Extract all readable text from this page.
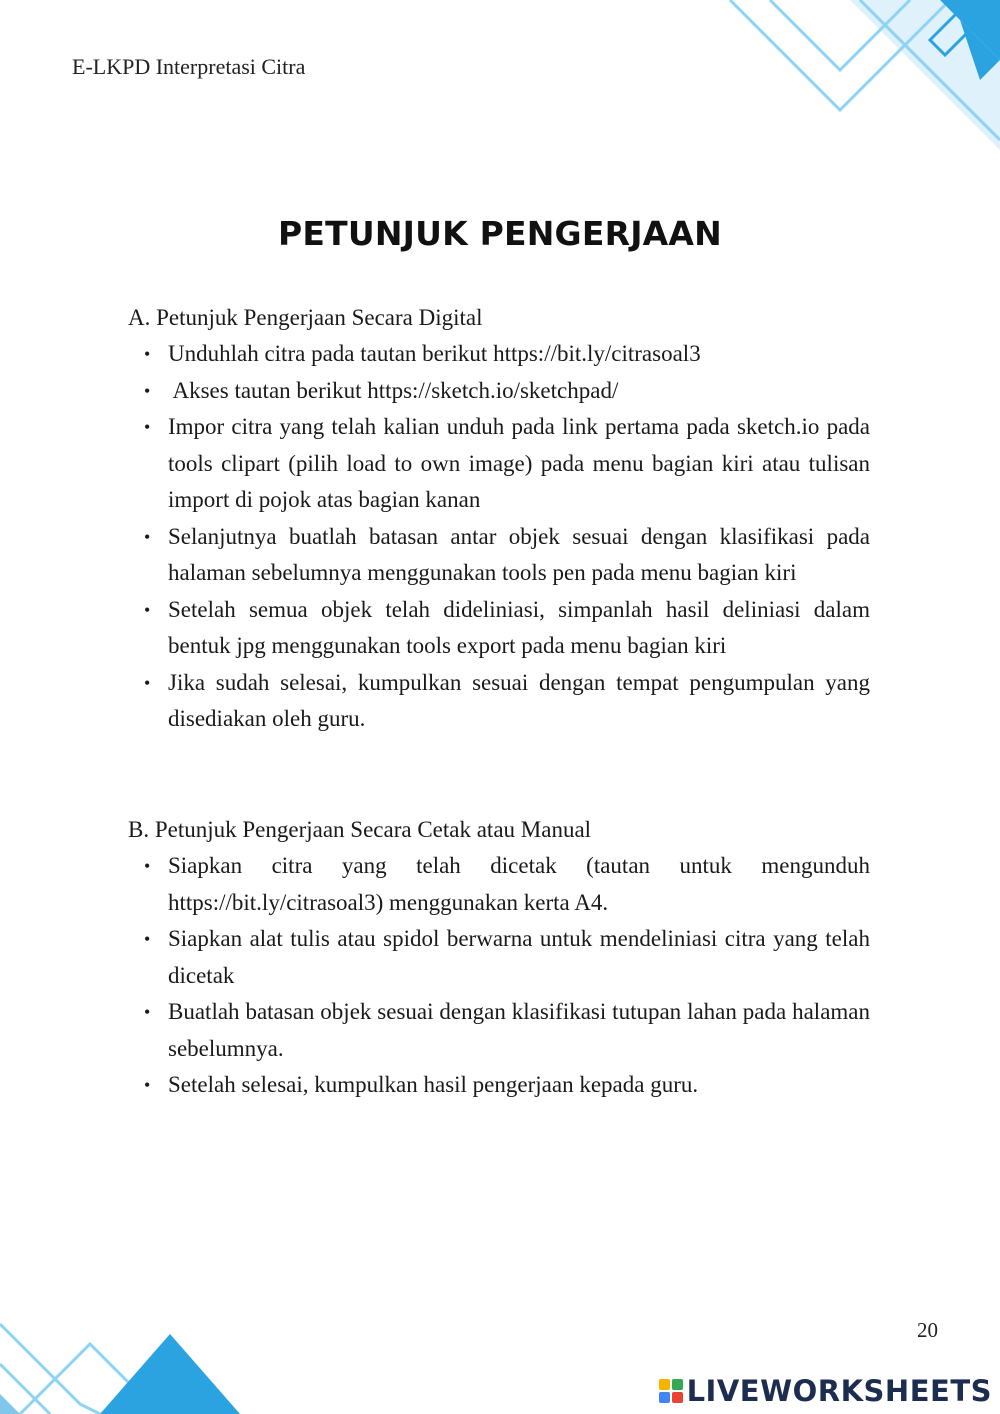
E-LKPD Interpretasi Citra
PETUNJUK PENGERJAAN

A. Petunjuk Pengerjaan Secara Digital

• Unduhlah citra pada tautan berikut https://bit.ly/citrasoal3
• Akses tautan berikut https://sketch.io/sketchpad/
• Impor citra yang telah kalian unduh pada link pertama pada sketch.io pada tools clipart (pilih load to own image) pada menu bagian kiri atau tulisan import di pojok atas bagian kanan
• Selanjutnya buatlah batasan antar objek sesuai dengan klasifikasi pada halaman sebelumnya menggunakan tools pen pada menu bagian kiri
• Setelah semua objek telah dideliniasi, simpanlah hasil deliniasi dalam bentuk jpg menggunakan tools export pada menu bagian kiri
• Jika sudah selesai, kumpulkan sesuai dengan tempat pengumpulan yang disediakan oleh guru.

B. Petunjuk Pengerjaan Secara Cetak atau Manual

• Siapkan citra yang telah dicetak (tautan untuk mengunduh https://bit.ly/citrasoal3) menggunakan kerta A4.
• Siapkan alat tulis atau spidol berwarna untuk mendeliniasi citra yang telah dicetak
• Buatlah batasan objek sesuai dengan klasifikasi tutupan lahan pada halaman sebelumnya.
• Setelah selesai, kumpulkan hasil pengerjaan kepada guru.
20
LIVEWORKSHEETS
